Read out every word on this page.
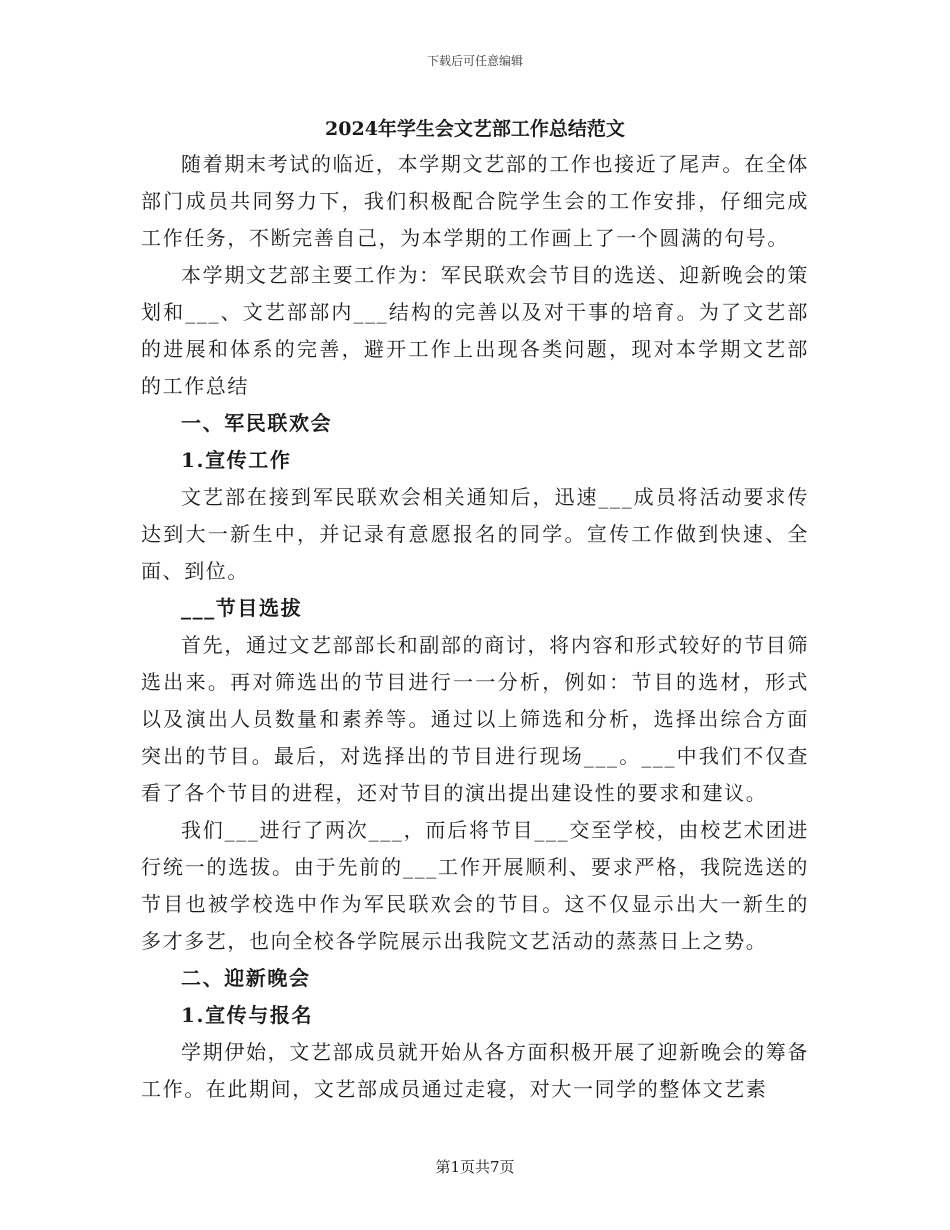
下载后可任意编辑
2024年学生会文艺部工作总结范文

随着期末考试的临近，本学期文艺部的工作也接近了尾声。在全体部门成员共同努力下，我们积极配合院学生会的工作安排，仔细完成工作任务，不断完善自己，为本学期的工作画上了一个圆满的句号。

本学期文艺部主要工作为：军民联欢会节目的选送、迎新晚会的策划和___、文艺部部内___结构的完善以及对干事的培育。为了文艺部的进展和体系的完善，避开工作上出现各类问题，现对本学期文艺部的工作总结

一、军民联欢会

1.宣传工作

文艺部在接到军民联欢会相关通知后，迅速___成员将活动要求传达到大一新生中，并记录有意愿报名的同学。宣传工作做到快速、全面、到位。

___节目选拔

首先，通过文艺部部长和副部的商讨，将内容和形式较好的节目筛选出来。再对筛选出的节目进行一一分析，例如：节目的选材，形式以及演出人员数量和素养等。通过以上筛选和分析，选择出综合方面突出的节目。最后，对选择出的节目进行现场___。___中我们不仅查看了各个节目的进程，还对节目的演出提出建设性的要求和建议。

我们___进行了两次___，而后将节目___交至学校，由校艺术团进行统一的选拔。由于先前的___工作开展顺利、要求严格，我院选送的节目也被学校选中作为军民联欢会的节目。这不仅显示出大一新生的多才多艺，也向全校各学院展示出我院文艺活动的蒸蒸日上之势。

二、迎新晚会

1.宣传与报名

学期伊始，文艺部成员就开始从各方面积极开展了迎新晚会的筹备工作。在此期间，文艺部成员通过走寝，对大一同学的整体文艺素

第1页共7页
